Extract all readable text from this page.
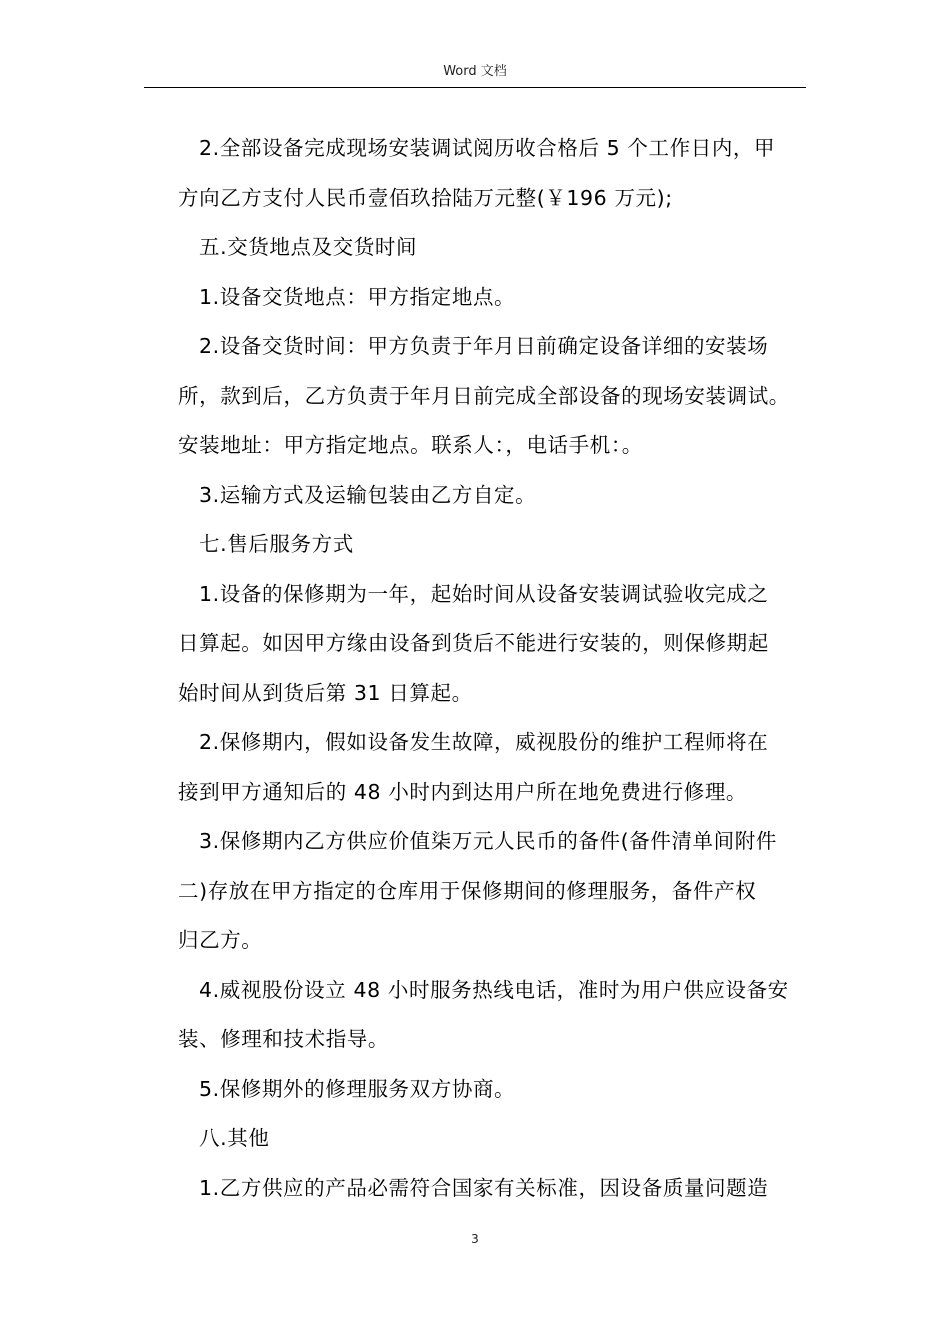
Word 文档
2.全部设备完成现场安装调试阅历收合格后 5 个工作日内，甲
方向乙方支付人民币壹佰玖拾陆万元整(￥196 万元);
五.交货地点及交货时间
1.设备交货地点：甲方指定地点。
2.设备交货时间：甲方负责于年月日前确定设备详细的安装场
所，款到后，乙方负责于年月日前完成全部设备的现场安装调试。
安装地址：甲方指定地点。联系人：，电话手机：。
3.运输方式及运输包装由乙方自定。
七.售后服务方式
1.设备的保修期为一年，起始时间从设备安装调试验收完成之
日算起。如因甲方缘由设备到货后不能进行安装的，则保修期起
始时间从到货后第 31 日算起。
2.保修期内，假如设备发生故障，威视股份的维护工程师将在
接到甲方通知后的 48 小时内到达用户所在地免费进行修理。
3.保修期内乙方供应价值柒万元人民币的备件(备件清单间附件
二)存放在甲方指定的仓库用于保修期间的修理服务，备件产权
归乙方。
4.威视股份设立 48 小时服务热线电话，准时为用户供应设备安
装、修理和技术指导。
5.保修期外的修理服务双方协商。
八.其他
1.乙方供应的产品必需符合国家有关标准，因设备质量问题造
3
